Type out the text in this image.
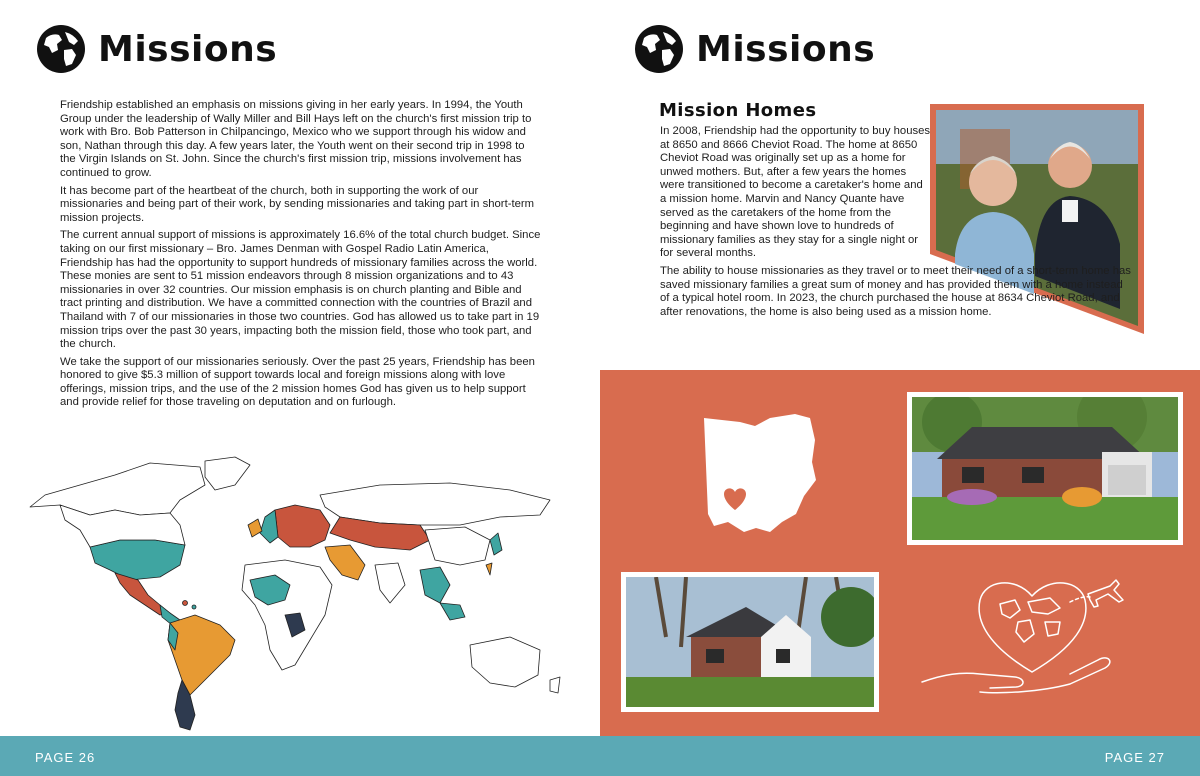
Missions

Friendship established an emphasis on missions giving in her early years. In 1994, the Youth Group under the leadership of Wally Miller and Bill Hays left on the church's first mission trip to work with Bro. Bob Patterson in Chilpancingo, Mexico who we support through his widow and son, Nathan through this day. A few years later, the Youth went on their second trip in 1998 to the Virgin Islands on St. John. Since the church's first mission trip, missions involvement has continued to grow.

It has become part of the heartbeat of the church, both in supporting the work of our missionaries and being part of their work, by sending missionaries and taking part in short-term mission projects.

The current annual support of missions is approximately 16.6% of the total church budget. Since taking on our first missionary – Bro. James Denman with Gospel Radio Latin America, Friendship has had the opportunity to support hundreds of missionary families across the world. These monies are sent to 51 mission endeavors through 8 mission organizations and to 43 missionaries in over 32 countries. Our mission emphasis is on church planting and Bible and tract printing and distribution. We have a committed connection with the countries of Brazil and Thailand with 7 of our missionaries in those two countries. God has allowed us to take part in 19 mission trips over the past 30 years, impacting both the mission field, those who took part, and the church.

We take the support of our missionaries seriously. Over the past 25 years, Friendship has been honored to give $5.3 million of support towards local and foreign missions along with love offerings, mission trips, and the use of the 2 mission homes God has given us to help support and provide relief for those traveling on deputation and on furlough.

Missions
Mission Homes

In 2008, Friendship had the opportunity to buy houses at 8650 and 8666 Cheviot Road. The home at 8650 Cheviot Road was originally set up as a home for unwed mothers. But, after a few years the homes were transitioned to become a caretaker's home and a mission home. Marvin and Nancy Quante have served as the caretakers of the home from the beginning and have shown love to hundreds of missionary families as they stay for a single night or for several months.

The ability to house missionaries as they travel or to meet their need of a short-term home has saved missionary families a great sum of money and has provided them with a home instead of a typical hotel room. In 2023, the church purchased the house at 8634 Cheviot Road, and after renovations, the home is also being used as a mission home.

PAGE 26	PAGE 27
